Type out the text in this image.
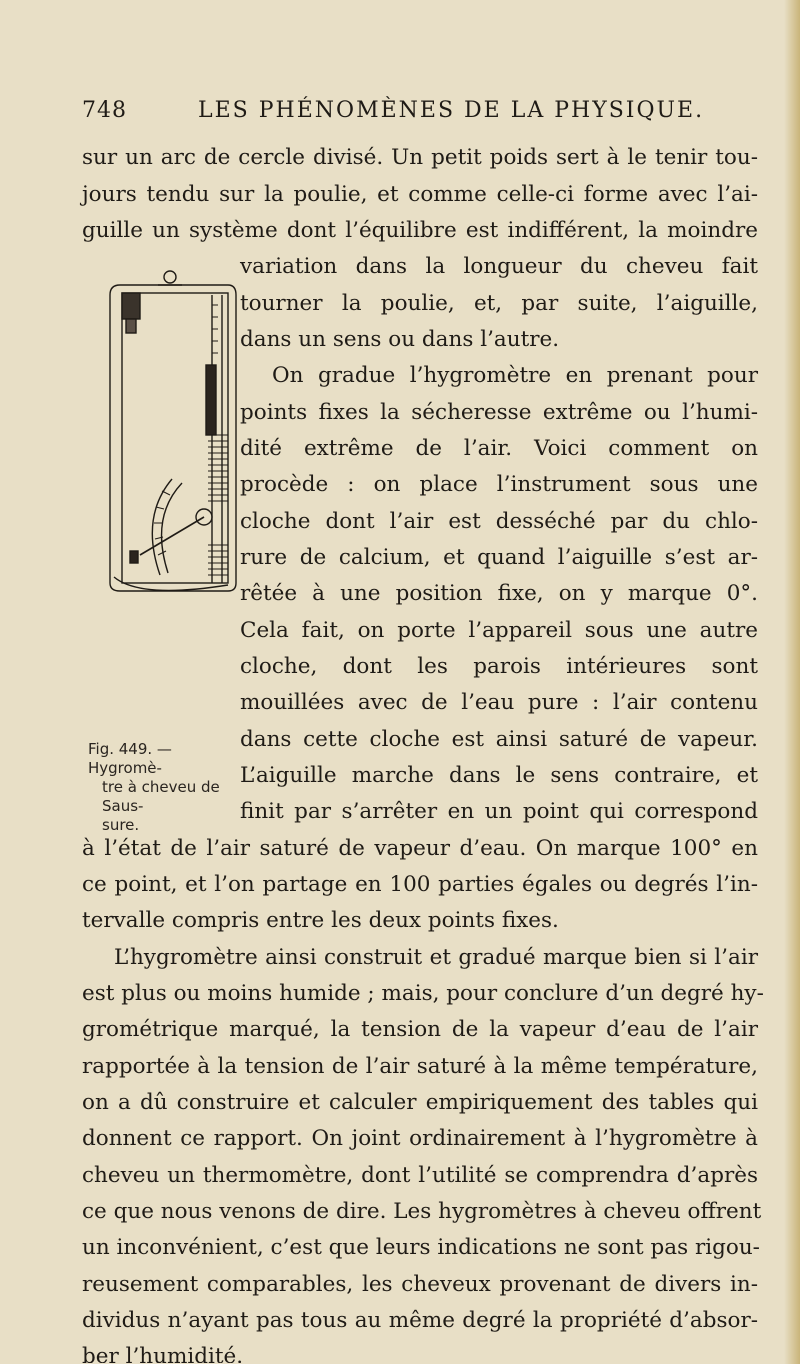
748	LES PHÉNOMÈNES DE LA PHYSIQUE.
sur un arc de cercle divisé. Un petit poids sert à le tenir tou-
jours tendu sur la poulie, et comme celle-ci forme avec l’ai-
guille un système dont l’équilibre est indifférent, la moindre
variation dans la longueur du cheveu fait
tourner la poulie, et, par suite, l’aiguille,
dans un sens ou dans l’autre.
On gradue l’hygromètre en prenant pour
points fixes la sécheresse extrême ou l’humi-
dité extrême de l’air. Voici comment on
procède : on place l’instrument sous une
cloche dont l’air est desséché par du chlo-
rure de calcium, et quand l’aiguille s’est ar-
rêtée à une position fixe, on y marque 0°.
Cela fait, on porte l’appareil sous une autre
cloche, dont les parois intérieures sont
mouillées avec de l’eau pure : l’air contenu
dans cette cloche est ainsi saturé de vapeur.
L’aiguille marche dans le sens contraire, et
finit par s’arrêter en un point qui correspond
à l’état de l’air saturé de vapeur d’eau. On marque 100° en
ce point, et l’on partage en 100 parties égales ou degrés l’in-
tervalle compris entre les deux points fixes.
L’hygromètre ainsi construit et gradué marque bien si l’air
est plus ou moins humide ; mais, pour conclure d’un degré hy-
grométrique marqué, la tension de la vapeur d’eau de l’air
rapportée à la tension de l’air saturé à la même température,
on a dû construire et calculer empiriquement des tables qui
donnent ce rapport. On joint ordinairement à l’hygromètre à
cheveu un thermomètre, dont l’utilité se comprendra d’après
ce que nous venons de dire. Les hygromètres à cheveu offrent
un inconvénient, c’est que leurs indications ne sont pas rigou-
reusement comparables, les cheveux provenant de divers in-
dividus n’ayant pas tous au même degré la propriété d’absor-
ber l’humidité.
Fig. 449. — Hygromè-
tre à cheveu de Saus-
sure.
